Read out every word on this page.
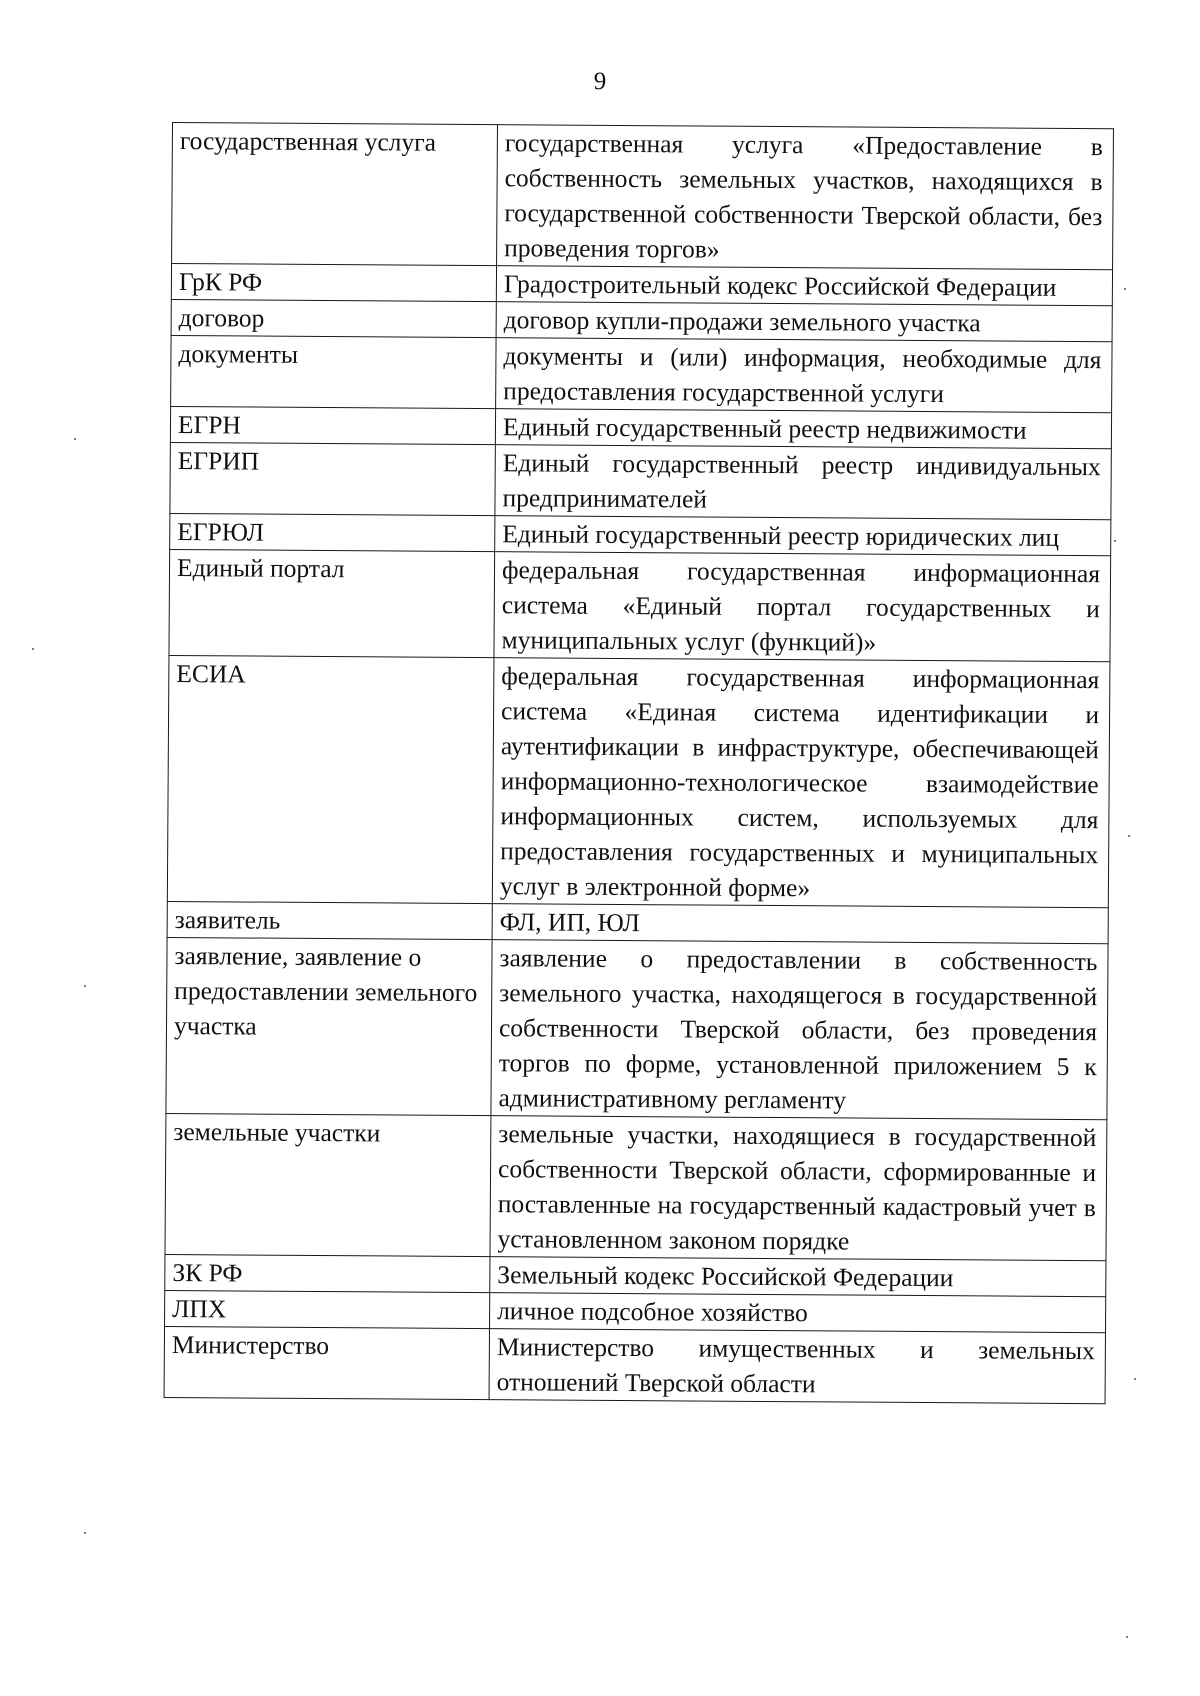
9
государственная услуга	государственная услуга «Предоставление в собственность земельных участков, находящихся в государственной собственности Тверской области, без проведения торгов»
ГрК РФ	Градостроительный кодекс Российской Федерации
договор	договор купли-продажи земельного участка
документы	документы и (или) информация, необходимые для предоставления государственной услуги
ЕГРН	Единый государственный реестр недвижимости
ЕГРИП	Единый государственный реестр индивидуальных предпринимателей
ЕГРЮЛ	Единый государственный реестр юридических лиц
Единый портал	федеральная государственная информационная система «Единый портал государственных и муниципальных услуг (функций)»
ЕСИА	федеральная государственная информационная система «Единая система идентификации и аутентификации в инфраструктуре, обеспечивающей информационно-технологическое взаимодействие информационных систем, используемых для предоставления государственных и муниципальных услуг в электронной форме»
заявитель	ФЛ, ИП, ЮЛ
заявление, заявление о предоставлении земельного участка	заявление о предоставлении в собственность земельного участка, находящегося в государственной собственности Тверской области, без проведения торгов по форме, установленной приложением 5 к административному регламенту
земельные участки	земельные участки, находящиеся в государственной собственности Тверской области, сформированные и поставленные на государственный кадастровый учет в установленном законом порядке
ЗК РФ	Земельный кодекс Российской Федерации
ЛПХ	личное подсобное хозяйство
Министерство	Министерство имущественных и земельных отношений Тверской области
